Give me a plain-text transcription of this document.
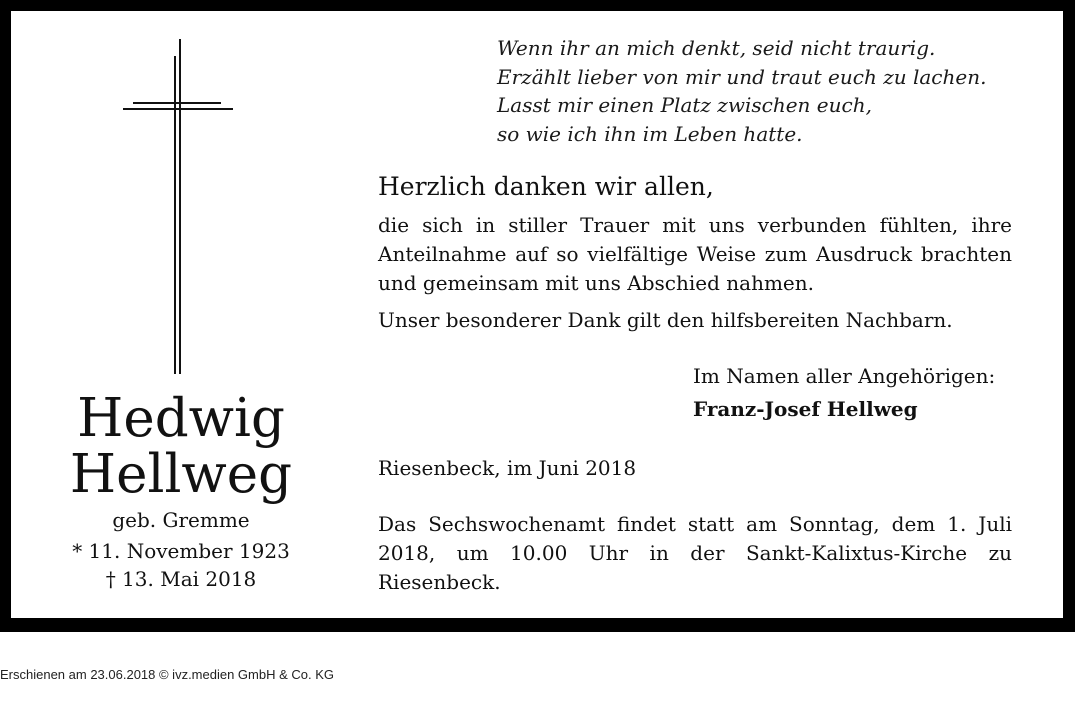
Hedwig
Hellweg
geb. Gremme
* 11. November 1923
† 13. Mai 2018
Wenn ihr an mich denkt, seid nicht traurig.
Erzählt lieber von mir und traut euch zu lachen.
Lasst mir einen Platz zwischen euch,
so wie ich ihn im Leben hatte.
Herzlich danken wir allen,

die sich in stiller Trauer mit uns verbunden fühlten, ihre Anteilnahme auf so vielfältige Weise zum Ausdruck brachten und gemeinsam mit uns Abschied nahmen.

Unser besonderer Dank gilt den hilfsbereiten Nachbarn.
Im Namen aller Angehörigen:
Franz-Josef Hellweg
Riesenbeck, im Juni 2018
Das Sechswochenamt findet statt am Sonntag, dem 1. Juli 2018, um 10.00 Uhr in der Sankt-Kalixtus-Kirche zu Riesenbeck.
Erschienen am 23.06.2018 © ivz.medien GmbH & Co. KG
